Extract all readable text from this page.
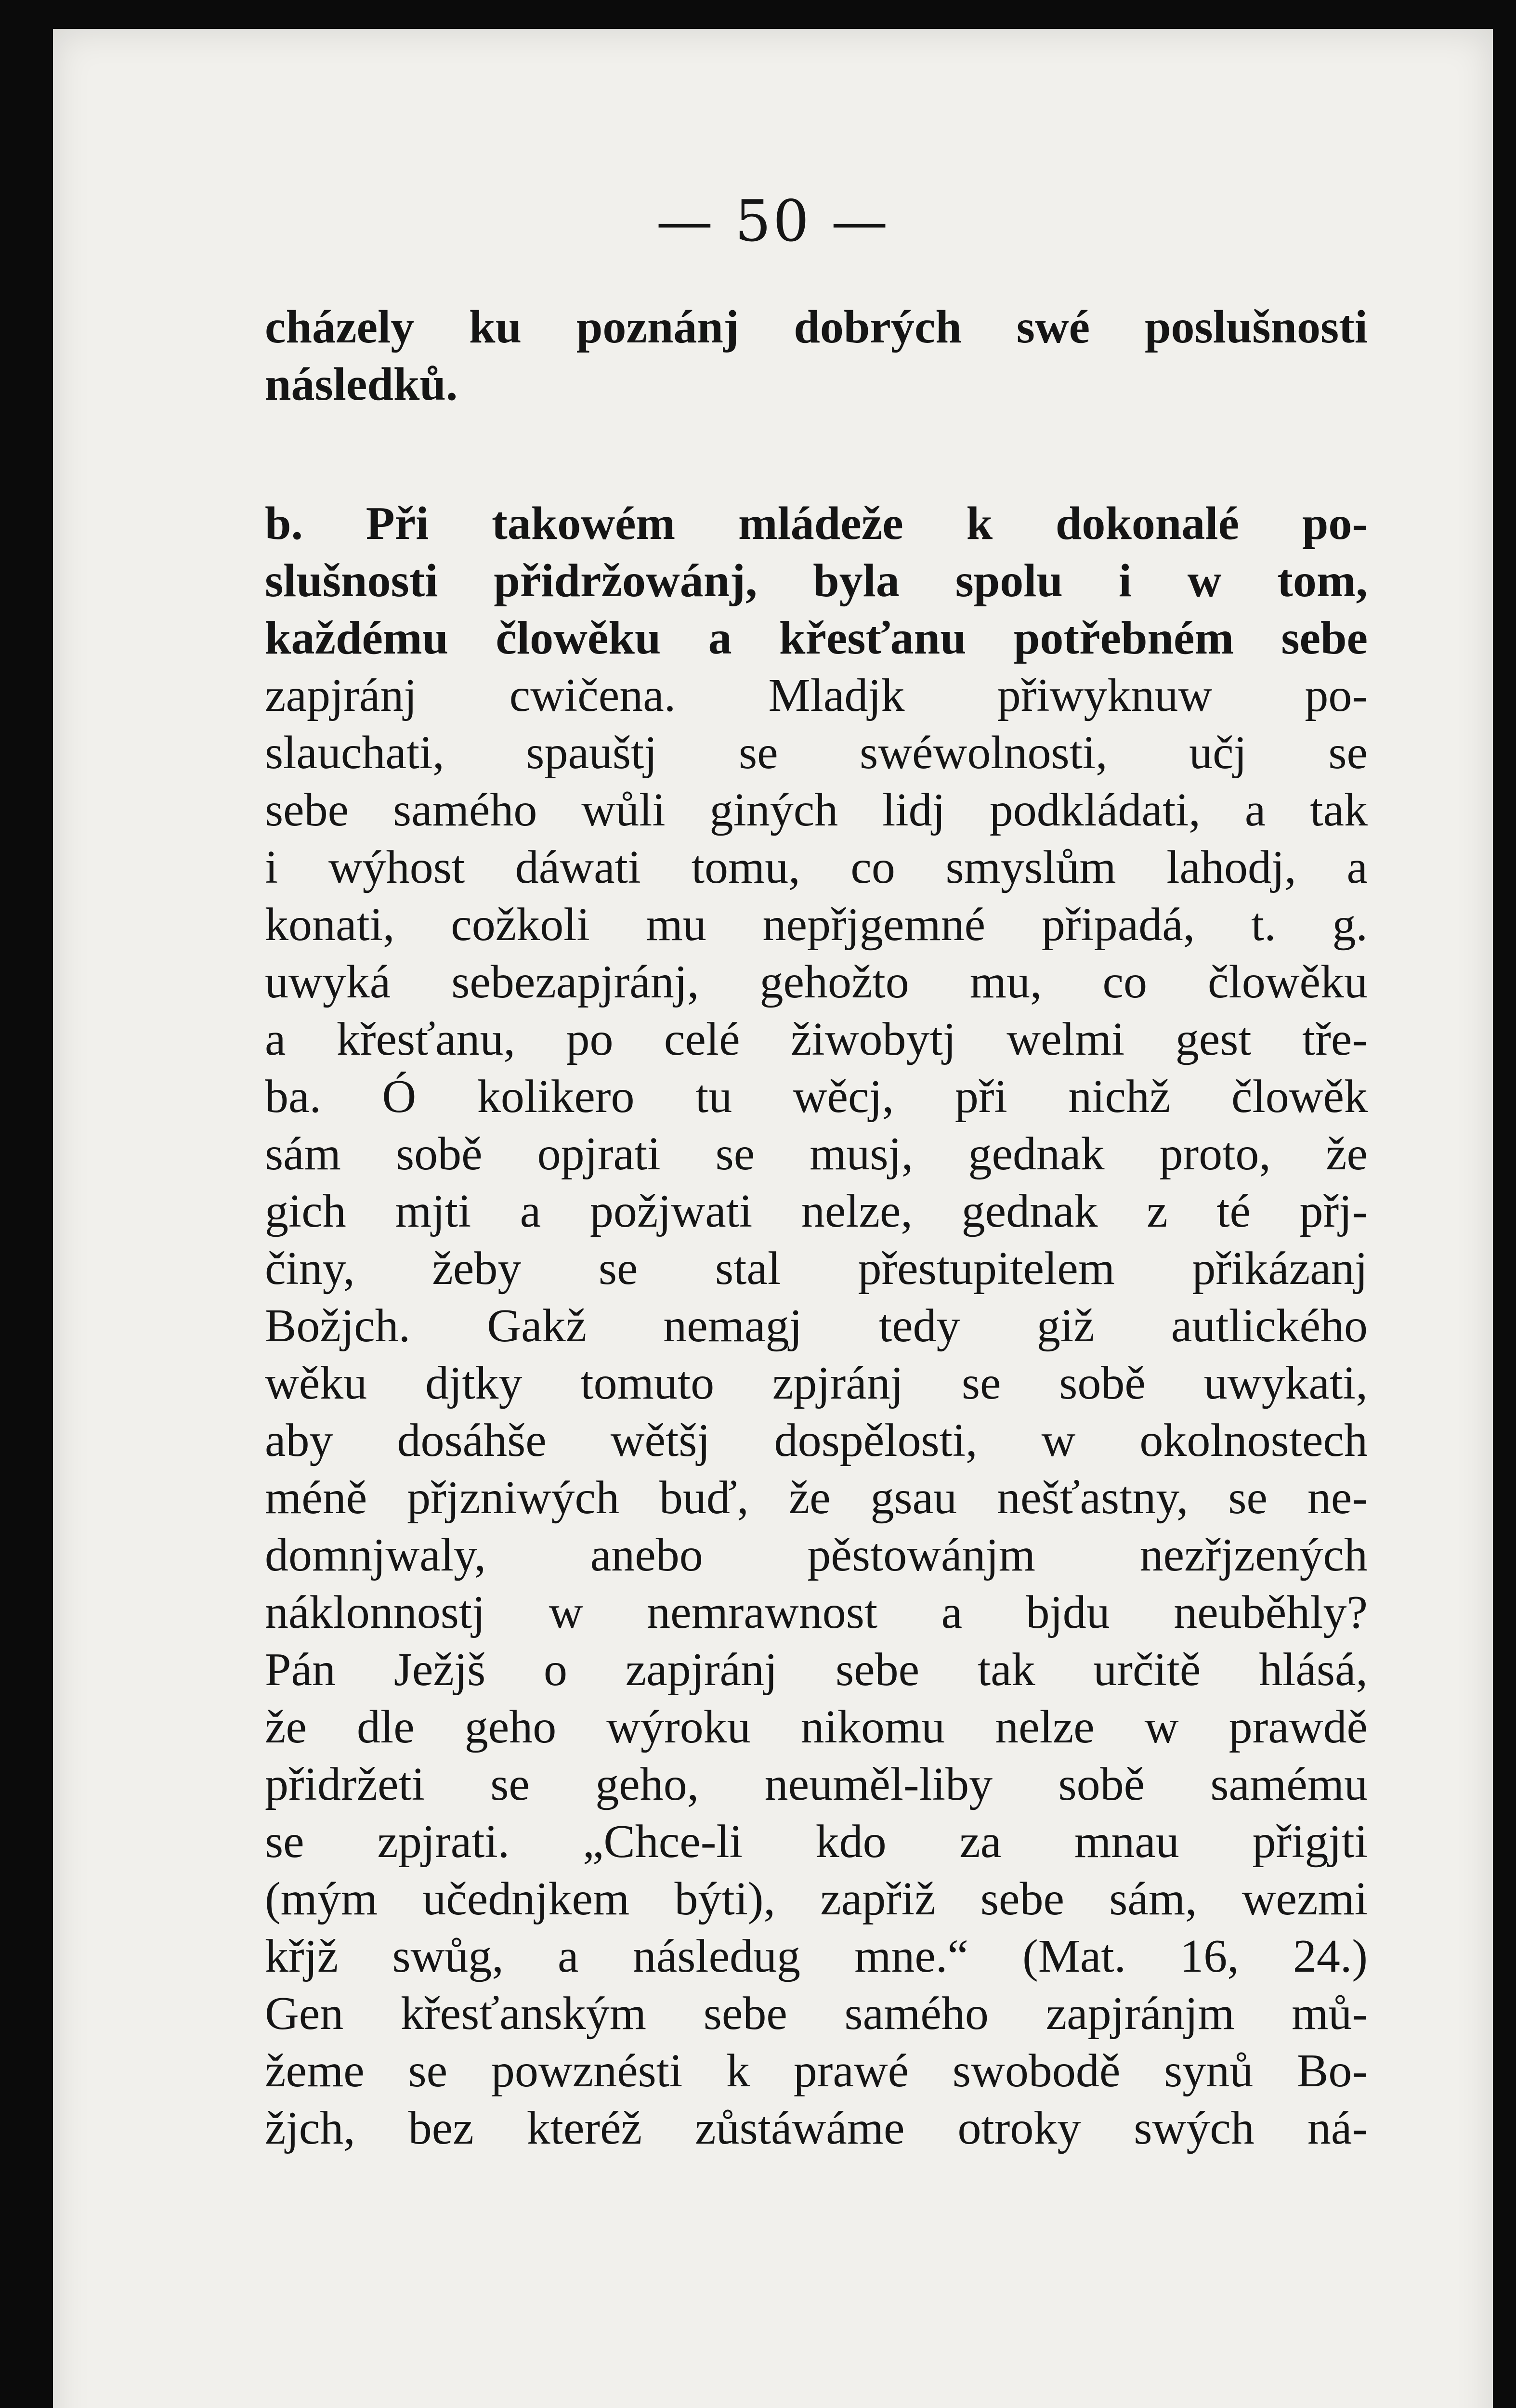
— 50 —
cházely ku poznánj dobrých swé poslušnosti
následků.
b. Při takowém mládeže k dokonalé po-
slušnosti přidržowánj, byla spolu i w tom,
každému člowěku a křesťanu potřebném sebe
zapjránj cwičena. Mladjk přiwyknuw po-
slauchati, spauštj se swéwolnosti, učj se
sebe samého wůli giných lidj podkládati, a tak
i wýhost dáwati tomu, co smyslům lahodj, a
konati, cožkoli mu nepřjgemné připadá, t. g.
uwyká sebezapjránj, gehožto mu, co člowěku
a křesťanu, po celé žiwobytj welmi gest tře-
ba. Ó kolikero tu wěcj, při nichž člowěk
sám sobě opjrati se musj, gednak proto, že
gich mjti a požjwati nelze, gednak z té přj-
činy, žeby se stal přestupitelem přikázanj
Božjch. Gakž nemagj tedy giž autlického
wěku djtky tomuto zpjránj se sobě uwykati,
aby dosáhše wětšj dospělosti, w okolnostech
méně přjzniwých buď, že gsau nešťastny, se ne-
domnjwaly, anebo pěstowánjm nezřjzených
náklonnostj w nemrawnost a bjdu neuběhly?
Pán Ježjš o zapjránj sebe tak určitě hlásá,
že dle geho wýroku nikomu nelze w prawdě
přidržeti se geho, neuměl-liby sobě samému
se zpjrati. „Chce-li kdo za mnau přigjti
(mým učednjkem býti), zapřiž sebe sám, wezmi
křjž swůg, a následug mne.“ (Mat. 16, 24.)
Gen křesťanským sebe samého zapjránjm mů-
žeme se powznésti k prawé swobodě synů Bo-
žjch, bez kteréž zůstáwáme otroky swých ná-
